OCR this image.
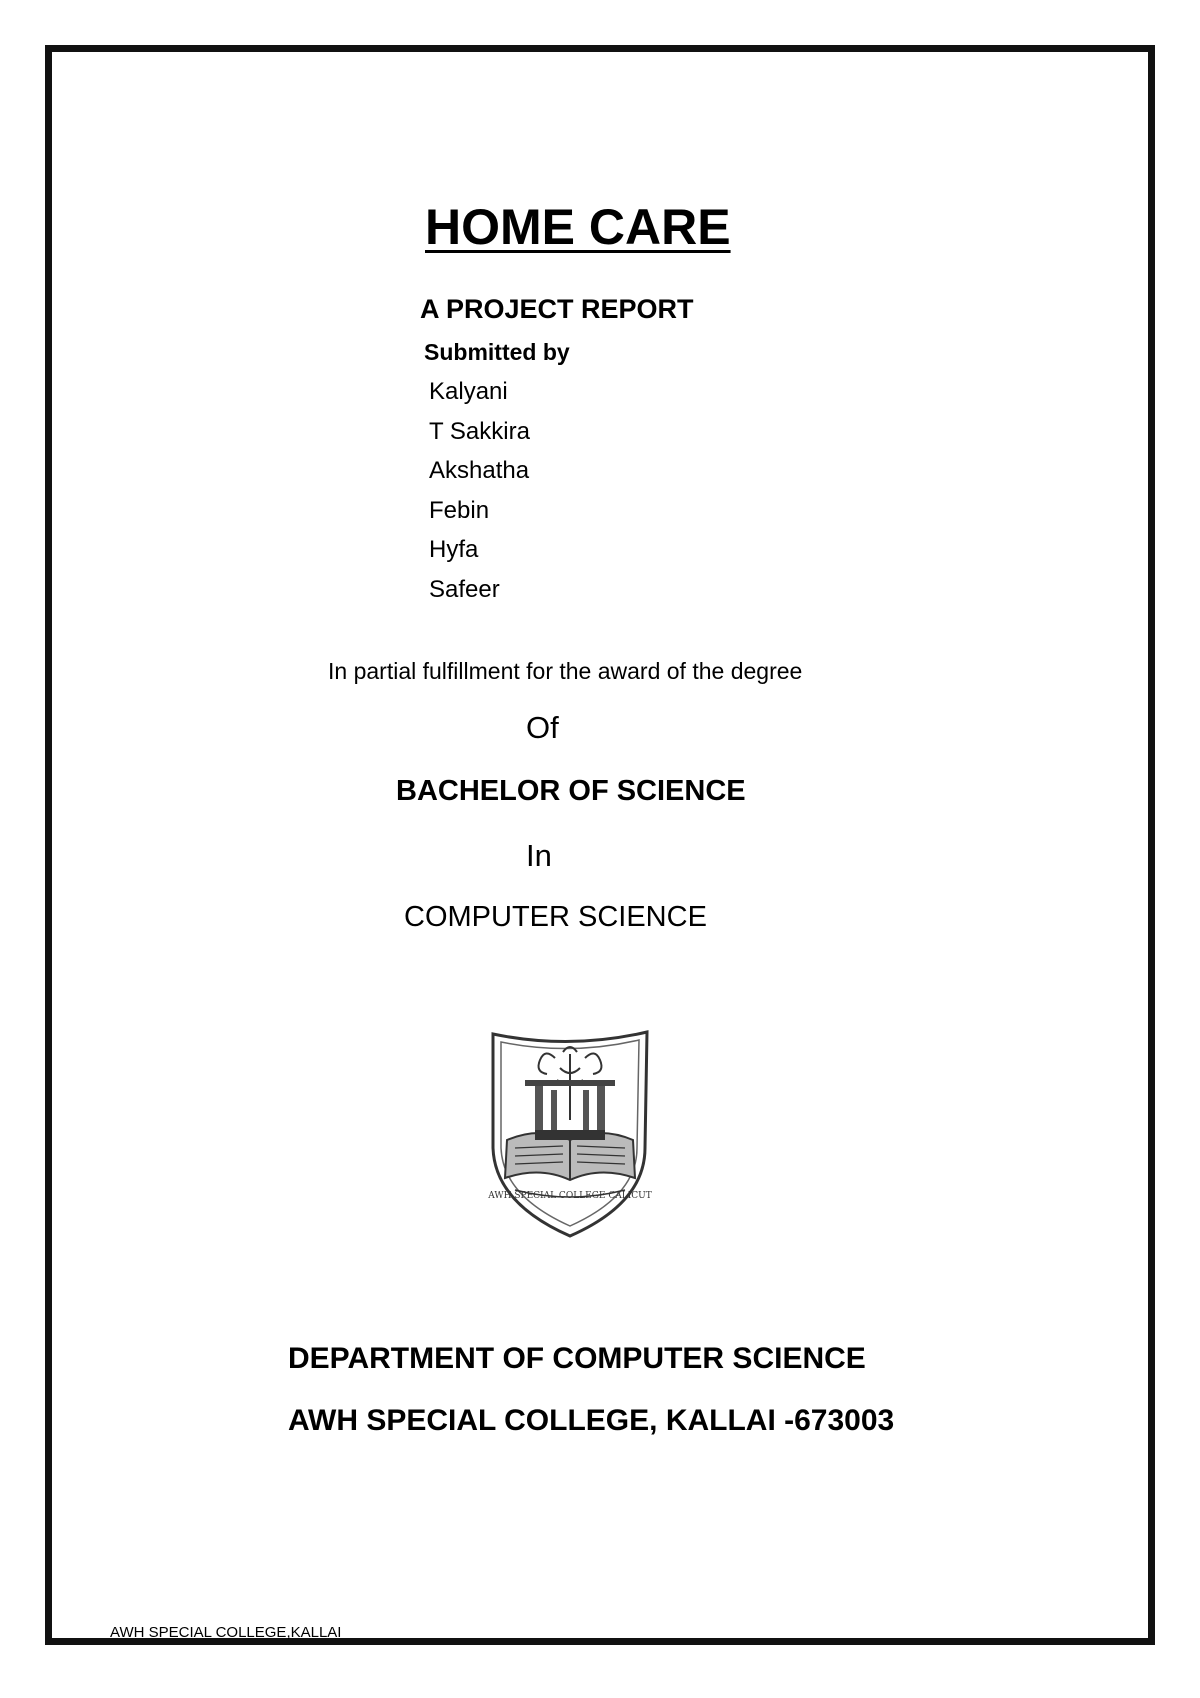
HOME CARE
A PROJECT REPORT
Submitted by
Kalyani
T Sakkira
Akshatha
Febin
Hyfa
Safeer
In partial fulfillment for the award of the degree
Of
BACHELOR OF SCIENCE
In
COMPUTER SCIENCE
AWH SPECIAL COLLEGE CALICUT
DEPARTMENT OF COMPUTER SCIENCE
AWH SPECIAL COLLEGE, KALLAI -673003
AWH SPECIAL COLLEGE,KALLAI
